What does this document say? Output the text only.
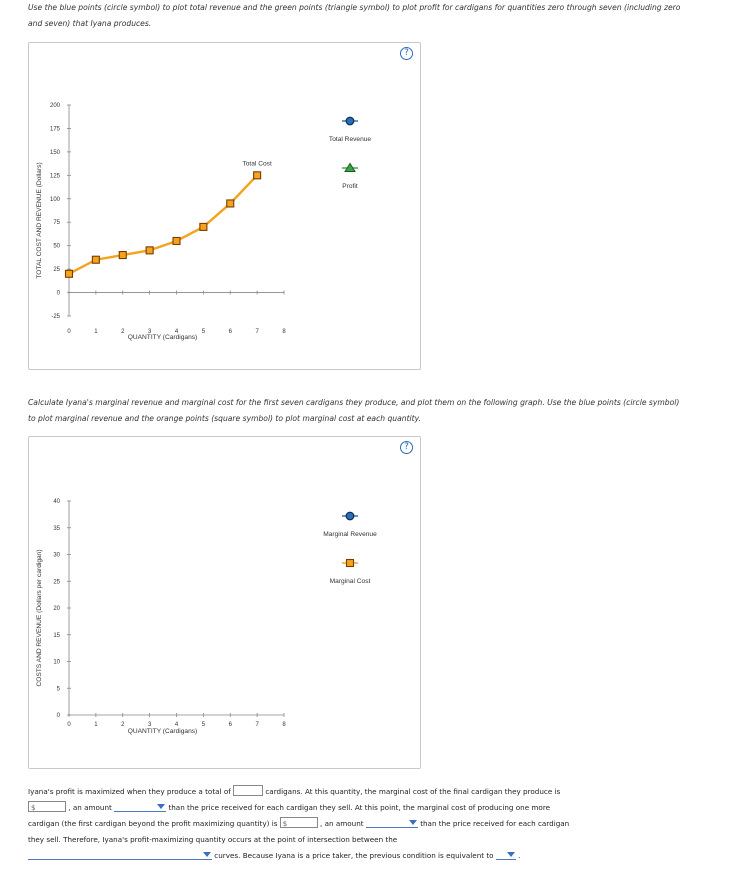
Use the blue points (circle symbol) to plot total revenue and the green points (triangle symbol) to plot profit for cardigans for quantities zero through seven (including zero and seven) that Iyana produces.

?
200
175
150
125
100
75
50
25
0
-25
0	1	2	3	4	5	6	7	8
QUANTITY (Cardigans)
TOTAL COST AND REVENUE (Dollars)	Total Cost
Total Revenue
Profit

Calculate Iyana's marginal revenue and marginal cost for the first seven cardigans they produce, and plot them on the following graph. Use the blue points (circle symbol) to plot marginal revenue and the orange points (square symbol) to plot marginal cost at each quantity.

?
40
35
30
25
20
15
10
5
0
0	1	2	3	4	5	6	7	8
QUANTITY (Cardigans)
COSTS AND REVENUE (Dollars per cardigan)
Marginal Revenue
Marginal Cost
Iyana's profit is maximized when they produce a total of	cardigans. At this quantity, the marginal cost of the final cardigan they produce is
$	, an amount	than the price received for each cardigan they sell. At this point, the marginal cost of producing one more
cardigan (the first cardigan beyond the profit maximizing quantity) is $	, an amount	than the price received for each cardigan
they sell. Therefore, Iyana's profit-maximizing quantity occurs at the point of intersection between the
curves. Because Iyana is a price taker, the previous condition is equivalent to	.
